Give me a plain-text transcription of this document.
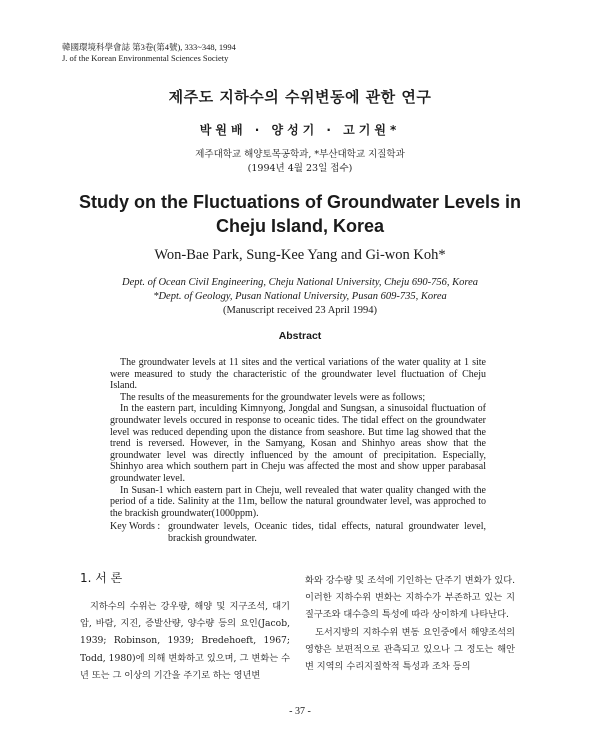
韓國環境科學會誌 第3卷(第4號), 333~348, 1994
J. of the Korean Environmental Sciences Society
제주도 지하수의 수위변동에 관한 연구
박원배 · 양성기 · 고기원*
제주대학교 해양토목공학과, *부산대학교 지질학과
(1994년 4월 23일 접수)
Study on the Fluctuations of Groundwater Levels in
Cheju Island, Korea
Won-Bae Park, Sung-Kee Yang and Gi-won Koh*
Dept. of Ocean Civil Engineering, Cheju National University, Cheju 690-756, Korea
*Dept. of Geology, Pusan National University, Pusan 609-735, Korea
(Manuscript received 23 April 1994)
Abstract

The groundwater levels at 11 sites and the vertical variations of the water quality at 1 site were measured to study the characteristic of the groundwater level fluctuation of Cheju Island.

The results of the measurements for the groundwater levels were as follows;

In the eastern part, inculding Kimnyong, Jongdal and Sungsan, a sinusoidal fluctuation of groundwater levels occured in response to oceanic tides. The tidal effect on the groundwater level was reduced depending upon the distance from seashore. But time lag showed that the trend is reversed. However, in the Samyang, Kosan and Shinhyo areas show that the groundwater level was directly influenced by the amount of precipitation. Especially, Shinhyo area which southern part in Cheju was affected the most and show upper parabasal groundwater level.

In Susan-1 which eastern part in Cheju, well revealed that water quality changed with the period of a tide. Salinity at the 11m, bellow the natural groundwater level, was approched to the brackish groundwater(1000ppm).

Key Words : groundwater levels, Oceanic tides, tidal effects, natural groundwater level, brackish groundwater.
1. 서 론

지하수의 수위는 강우량, 해양 및 지구조석, 대기압, 바람, 지진, 증발산량, 양수량 등의 요인(Jacob, 1939; Robinson, 1939; Bredehoeft, 1967; Todd, 1980)에 의해 변화하고 있으며, 그 변화는 수년 또는 그 이상의 기간을 주기로 하는 영년변

화와 강수량 및 조석에 기인하는 단주기 변화가 있다. 이러한 지하수위 변화는 지하수가 부존하고 있는 지질구조와 대수층의 특성에 따라 상이하게 나타난다.

도서지방의 지하수위 변동 요인중에서 해양조석의 영향은 보편적으로 관측되고 있으나 그 정도는 해안변 지역의 수리지질학적 특성과 조차 등의

- 37 -
